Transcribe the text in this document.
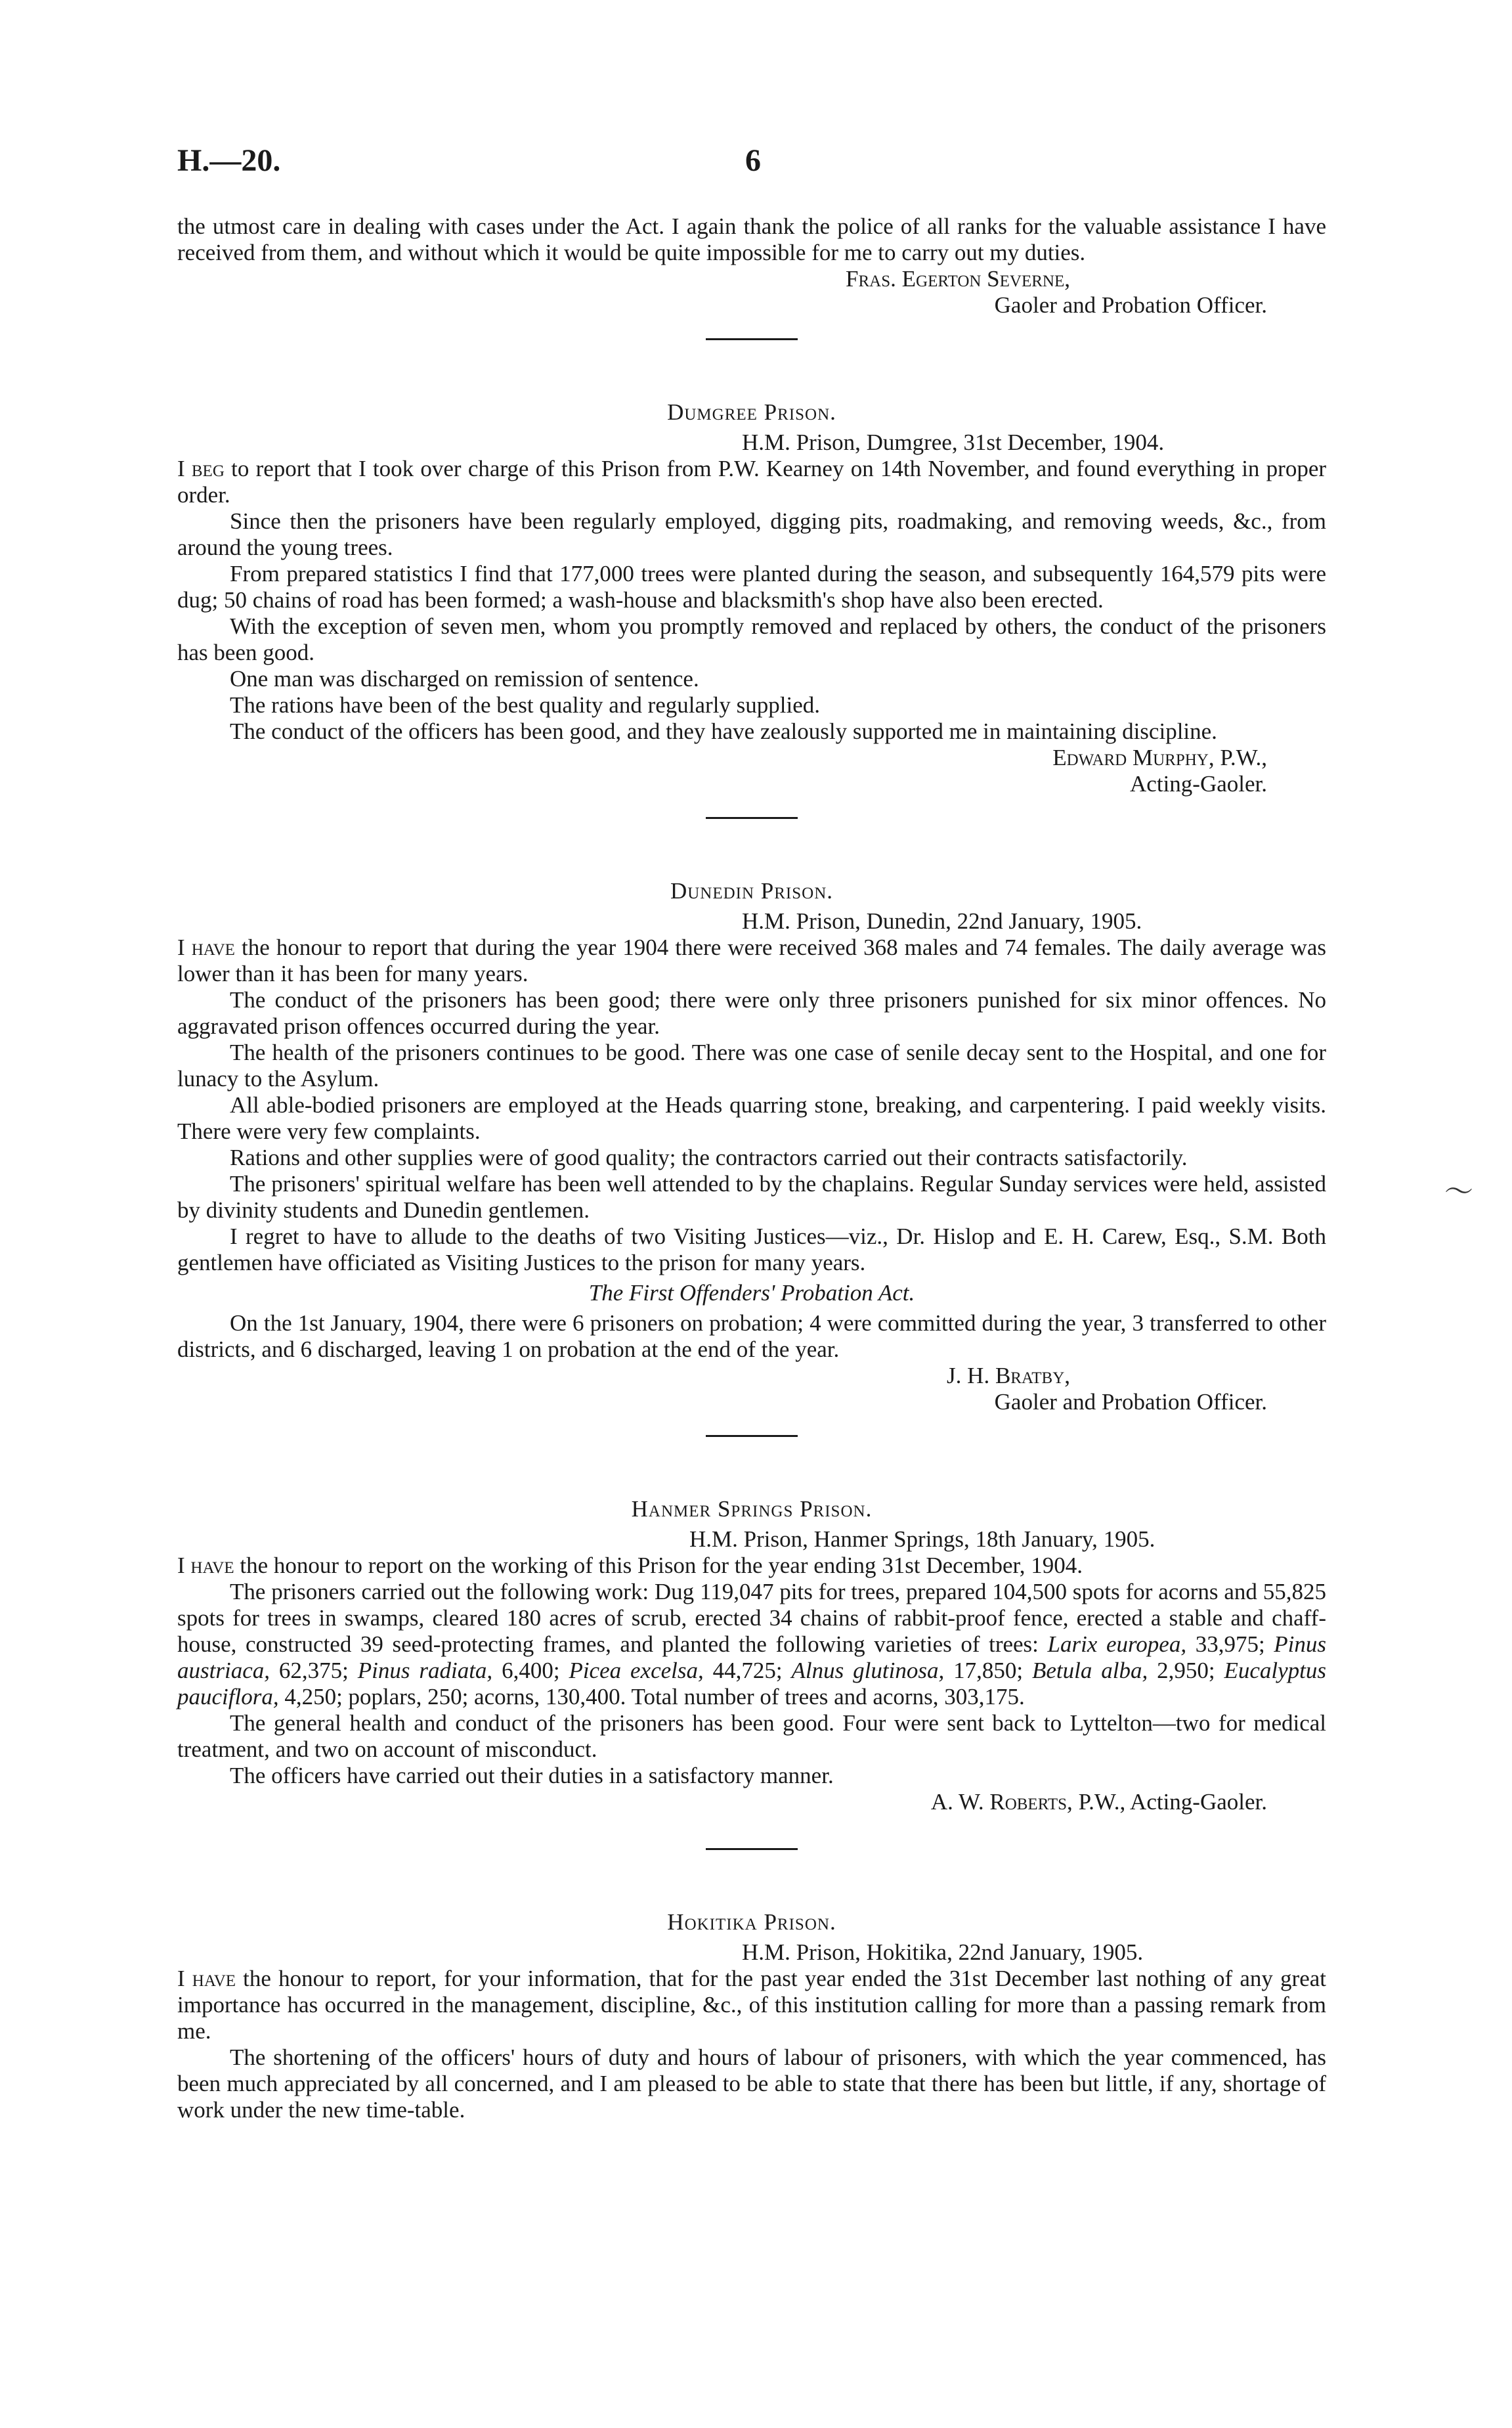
H.—20.	6

the utmost care in dealing with cases under the Act. I again thank the police of all ranks for the valuable assistance I have received from them, and without which it would be quite impossible for me to carry out my duties.

Fras. Egerton Severne,

Gaoler and Probation Officer.

Dumgree Prison.

H.M. Prison, Dumgree, 31st December, 1904.

I beg to report that I took over charge of this Prison from P.W. Kearney on 14th November, and found everything in proper order.

Since then the prisoners have been regularly employed, digging pits, roadmaking, and removing weeds, &c., from around the young trees.

From prepared statistics I find that 177,000 trees were planted during the season, and subsequently 164,579 pits were dug; 50 chains of road has been formed; a wash-house and blacksmith's shop have also been erected.

With the exception of seven men, whom you promptly removed and replaced by others, the conduct of the prisoners has been good.

One man was discharged on remission of sentence.

The rations have been of the best quality and regularly supplied.

The conduct of the officers has been good, and they have zealously supported me in maintaining discipline.

Edward Murphy, P.W.,

Acting-Gaoler.

Dunedin Prison.

H.M. Prison, Dunedin, 22nd January, 1905.

I have the honour to report that during the year 1904 there were received 368 males and 74 females. The daily average was lower than it has been for many years.

The conduct of the prisoners has been good; there were only three prisoners punished for six minor offences. No aggravated prison offences occurred during the year.

The health of the prisoners continues to be good. There was one case of senile decay sent to the Hospital, and one for lunacy to the Asylum.

All able-bodied prisoners are employed at the Heads quarring stone, breaking, and carpentering. I paid weekly visits. There were very few complaints.

Rations and other supplies were of good quality; the contractors carried out their contracts satisfactorily.

The prisoners' spiritual welfare has been well attended to by the chaplains. Regular Sunday services were held, assisted by divinity students and Dunedin gentlemen.

I regret to have to allude to the deaths of two Visiting Justices—viz., Dr. Hislop and E. H. Carew, Esq., S.M. Both gentlemen have officiated as Visiting Justices to the prison for many years.

The First Offenders' Probation Act.

On the 1st January, 1904, there were 6 prisoners on probation; 4 were committed during the year, 3 transferred to other districts, and 6 discharged, leaving 1 on probation at the end of the year.

J. H. Bratby,

Gaoler and Probation Officer.

Hanmer Springs Prison.

H.M. Prison, Hanmer Springs, 18th January, 1905.

I have the honour to report on the working of this Prison for the year ending 31st December, 1904.

The prisoners carried out the following work: Dug 119,047 pits for trees, prepared 104,500 spots for acorns and 55,825 spots for trees in swamps, cleared 180 acres of scrub, erected 34 chains of rabbit-proof fence, erected a stable and chaff-house, constructed 39 seed-protecting frames, and planted the following varieties of trees: Larix europea, 33,975; Pinus austriaca, 62,375; Pinus radiata, 6,400; Picea excelsa, 44,725; Alnus glutinosa, 17,850; Betula alba, 2,950; Eucalyptus pauciflora, 4,250; poplars, 250; acorns, 130,400. Total number of trees and acorns, 303,175.

The general health and conduct of the prisoners has been good. Four were sent back to Lyttelton—two for medical treatment, and two on account of misconduct.

The officers have carried out their duties in a satisfactory manner.

A. W. Roberts, P.W., Acting-Gaoler.

Hokitika Prison.

H.M. Prison, Hokitika, 22nd January, 1905.

I have the honour to report, for your information, that for the past year ended the 31st December last nothing of any great importance has occurred in the management, discipline, &c., of this institution calling for more than a passing remark from me.

The shortening of the officers' hours of duty and hours of labour of prisoners, with which the year commenced, has been much appreciated by all concerned, and I am pleased to be able to state that there has been but little, if any, shortage of work under the new time-table.

〜
